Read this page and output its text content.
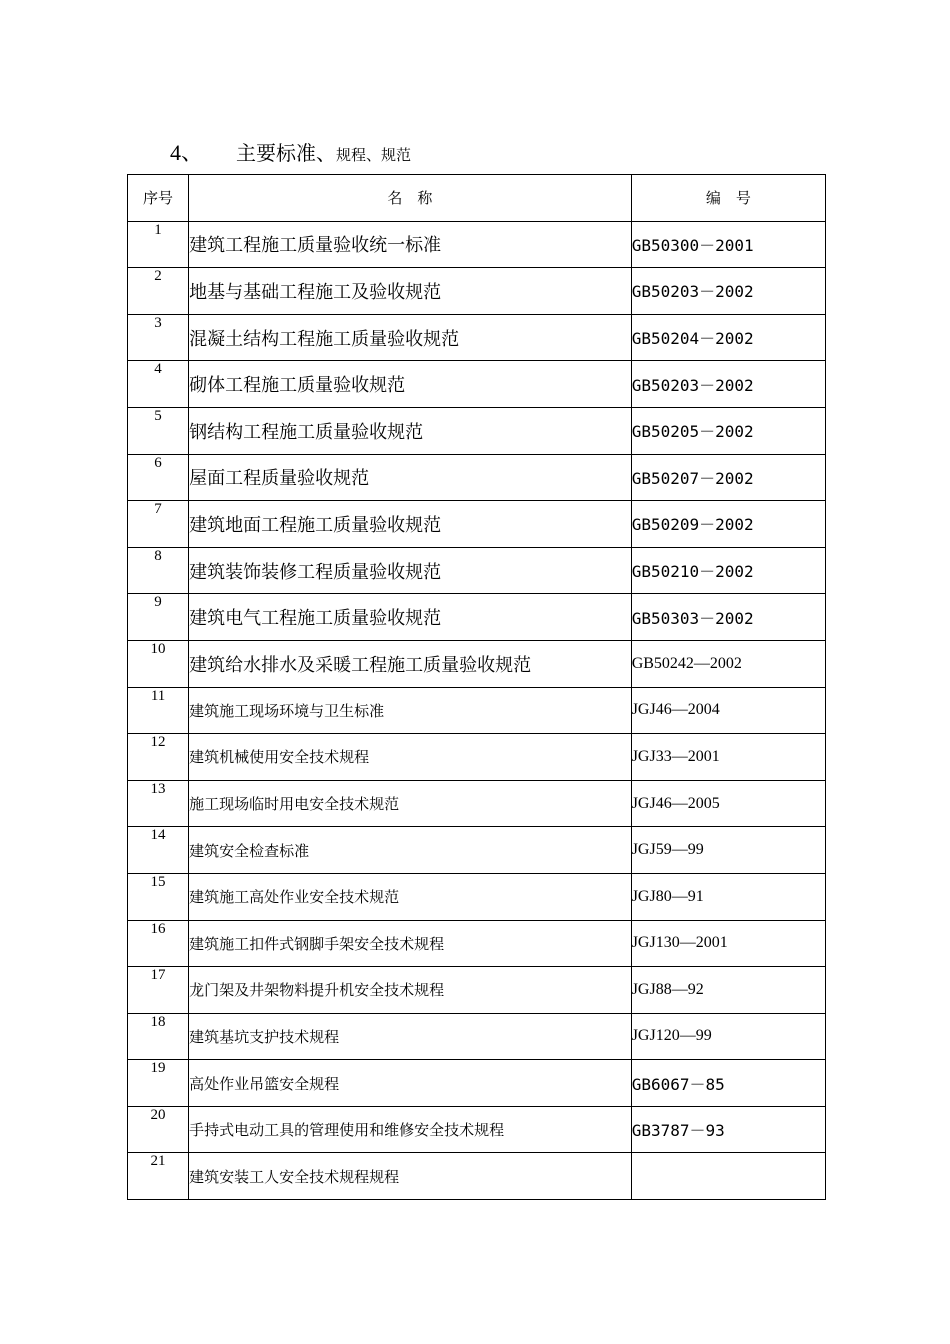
4、 主要标准、规程、规范
序号	名　称	编　号
1	建筑工程施工质量验收统一标准	GB50300－2001
2	地基与基础工程施工及验收规范	GB50203－2002
3	混凝土结构工程施工质量验收规范	GB50204－2002
4	砌体工程施工质量验收规范	GB50203－2002
5	钢结构工程施工质量验收规范	GB50205－2002
6	屋面工程质量验收规范	GB50207－2002
7	建筑地面工程施工质量验收规范	GB50209－2002
8	建筑装饰装修工程质量验收规范	GB50210－2002
9	建筑电气工程施工质量验收规范	GB50303－2002
10	建筑给水排水及采暖工程施工质量验收规范	GB50242—2002
11	建筑施工现场环境与卫生标准	JGJ46—2004
12	建筑机械使用安全技术规程	JGJ33—2001
13	施工现场临时用电安全技术规范	JGJ46—2005
14	建筑安全检查标准	JGJ59—99
15	建筑施工高处作业安全技术规范	JGJ80—91
16	建筑施工扣件式钢脚手架安全技术规程	JGJ130—2001
17	龙门架及井架物料提升机安全技术规程	JGJ88—92
18	建筑基坑支护技术规程	JGJ120—99
19	高处作业吊篮安全规程	GB6067－85
20	手持式电动工具的管理使用和维修安全技术规程	GB3787－93
21	建筑安装工人安全技术规程规程	
